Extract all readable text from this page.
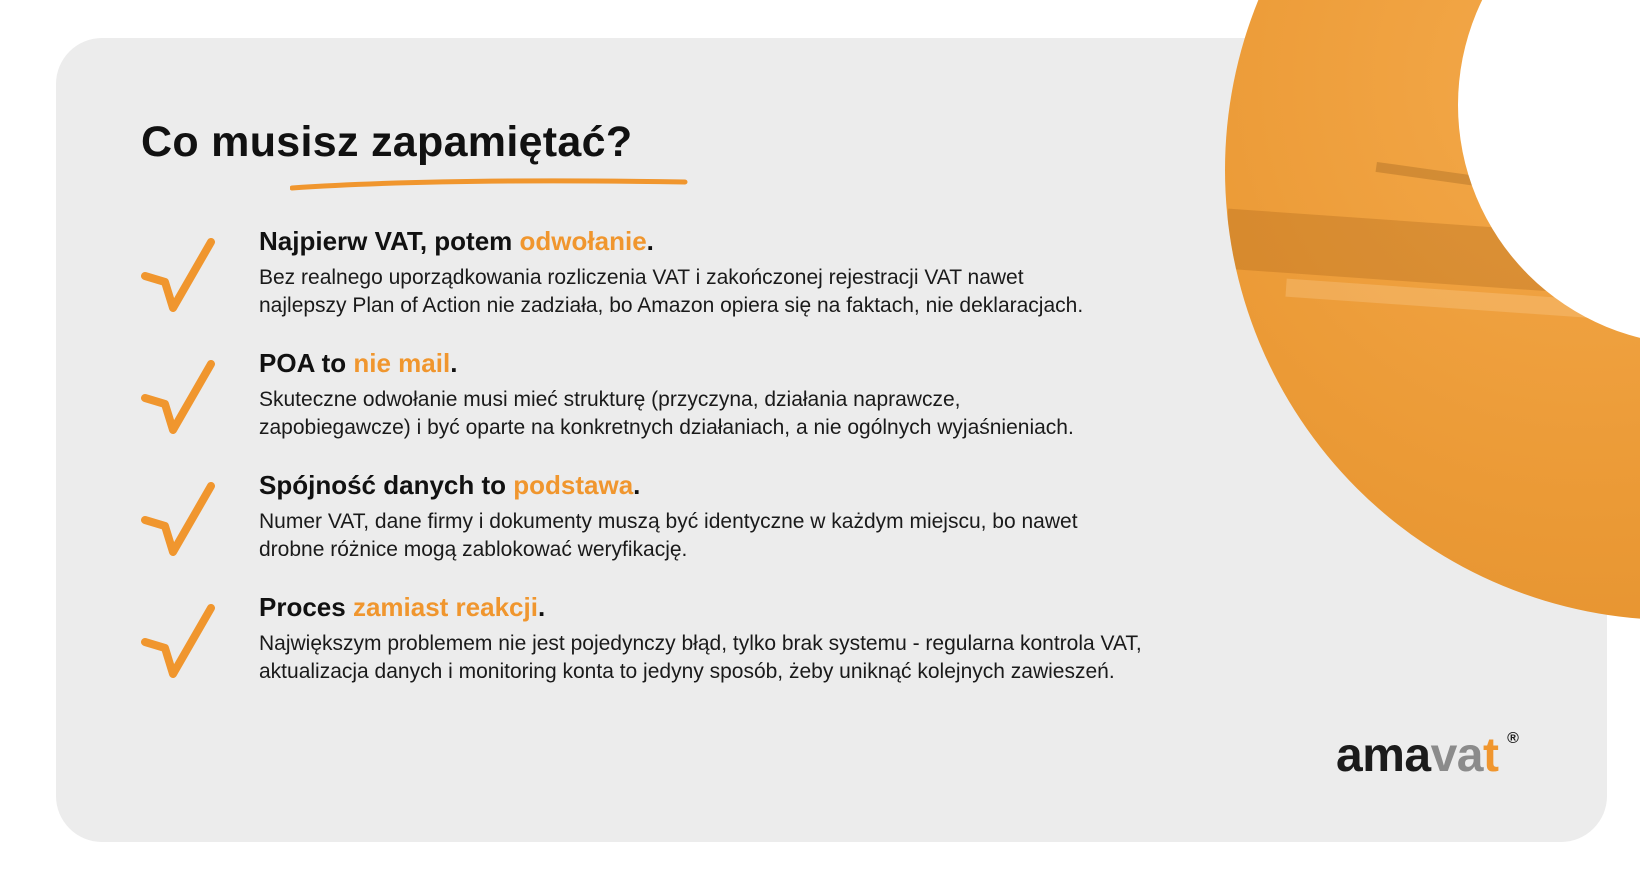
Co musisz zapamiętać?
Najpierw VAT, potem odwołanie.
Bez realnego uporządkowania rozliczenia VAT i zakończonej rejestracji VAT nawet
najlepszy Plan of Action nie zadziała, bo Amazon opiera się na faktach, nie deklaracjach.
POA to nie mail.
Skuteczne odwołanie musi mieć strukturę (przyczyna, działania naprawcze,
zapobiegawcze) i być oparte na konkretnych działaniach, a nie ogólnych wyjaśnieniach.
Spójność danych to podstawa.
Numer VAT, dane firmy i dokumenty muszą być identyczne w każdym miejscu, bo nawet
drobne różnice mogą zablokować weryfikację.
Proces zamiast reakcji.
Największym problemem nie jest pojedynczy błąd, tylko brak systemu - regularna kontrola VAT,
aktualizacja danych i monitoring konta to jedyny sposób, żeby uniknąć kolejnych zawieszeń.
amavat ®
